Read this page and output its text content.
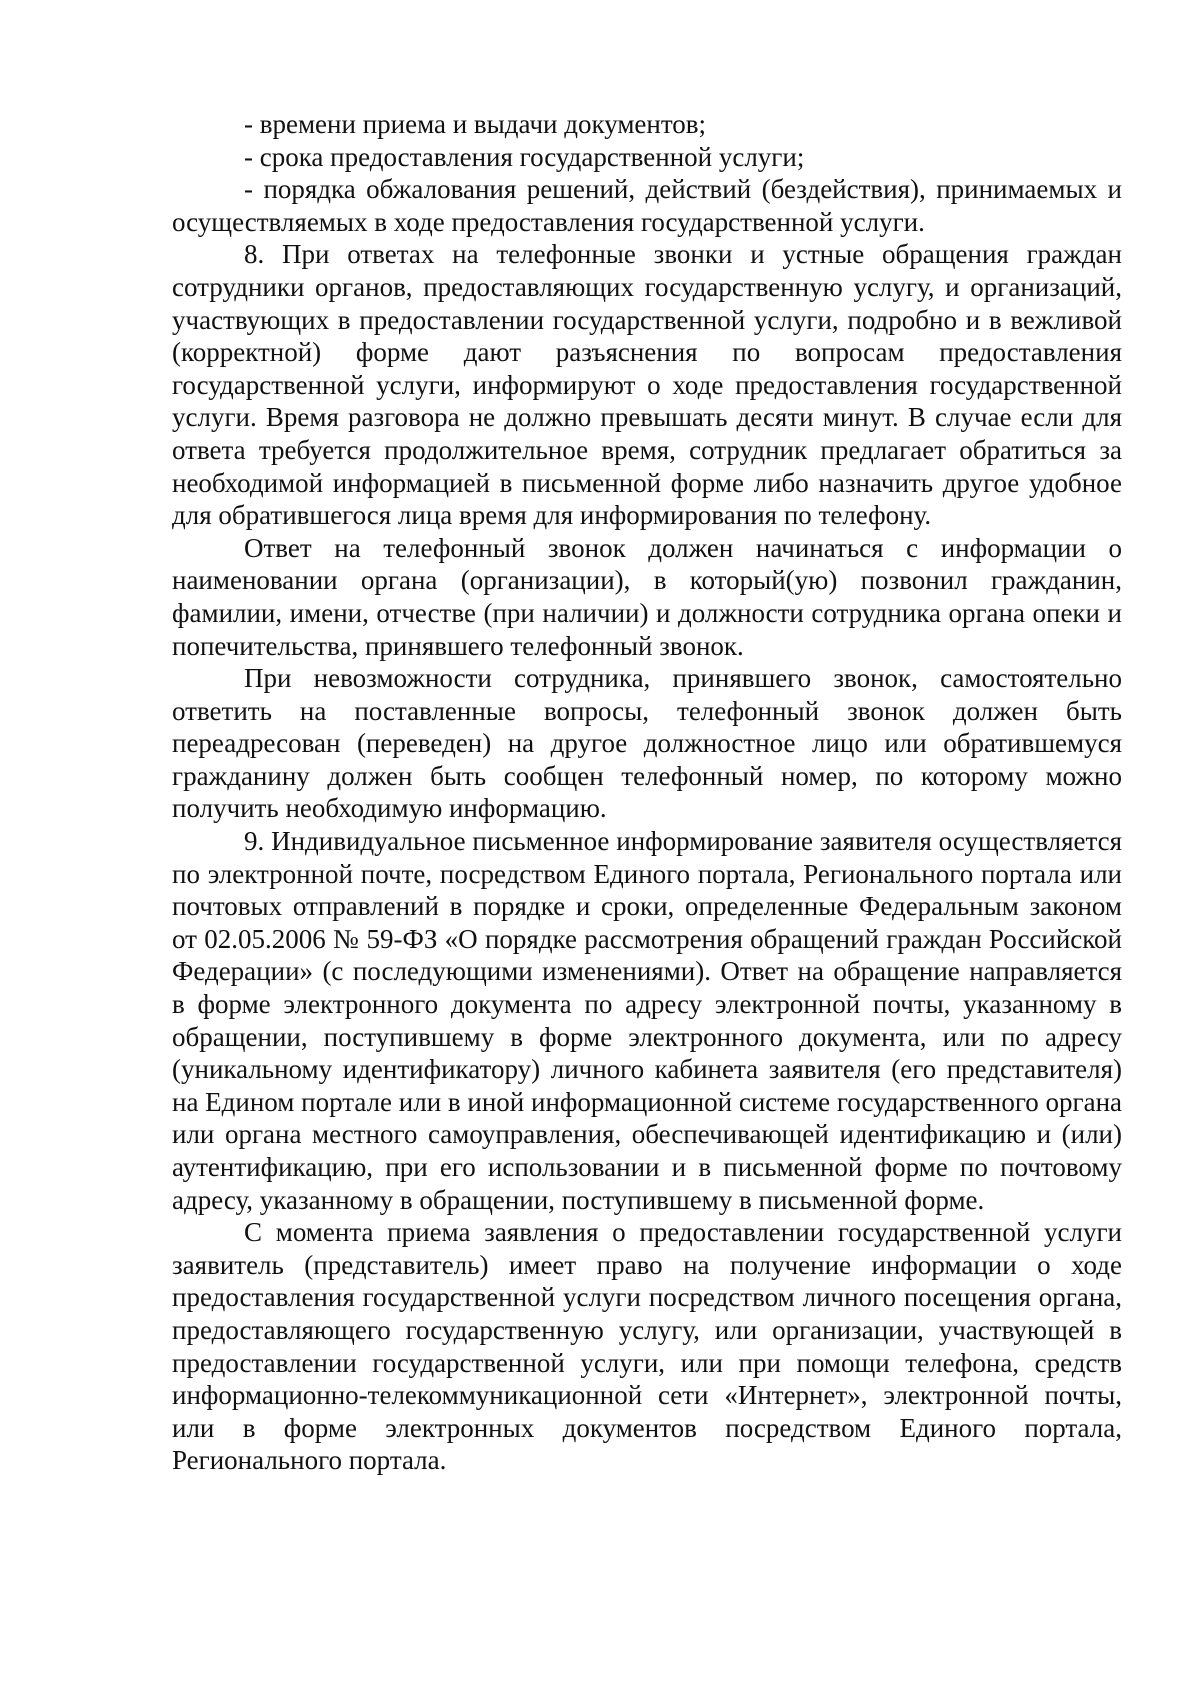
- времени приема и выдачи документов;

- срока предоставления государственной услуги;

- порядка обжалования решений, действий (бездействия), принимаемых и осуществляемых в ходе предоставления государственной услуги.

8. При ответах на телефонные звонки и устные обращения граждан сотрудники органов, предоставляющих государственную услугу, и организаций, участвующих в предоставлении государственной услуги, подробно и в вежливой (корректной) форме дают разъяснения по вопросам предоставления государственной услуги, информируют о ходе предоставления государственной услуги. Время разговора не должно превышать десяти минут. В случае если для ответа требуется продолжительное время, сотрудник предлагает обратиться за необходимой информацией в письменной форме либо назначить другое удобное для обратившегося лица время для информирования по телефону.

Ответ на телефонный звонок должен начинаться с информации о наименовании органа (организации), в который(ую) позвонил гражданин, фамилии, имени, отчестве (при наличии) и должности сотрудника органа опеки и попечительства, принявшего телефонный звонок.

При невозможности сотрудника, принявшего звонок, самостоятельно ответить на поставленные вопросы, телефонный звонок должен быть переадресован (переведен) на другое должностное лицо или обратившемуся гражданину должен быть сообщен телефонный номер, по которому можно получить необходимую информацию.

9. Индивидуальное письменное информирование заявителя осуществляется по электронной почте, посредством Единого портала, Регионального портала или почтовых отправлений в порядке и сроки, определенные Федеральным законом от 02.05.2006 № 59-ФЗ «О порядке рассмотрения обращений граждан Российской Федерации» (с последующими изменениями). Ответ на обращение направляется в форме электронного документа по адресу электронной почты, указанному в обращении, поступившему в форме электронного документа, или по адресу (уникальному идентификатору) личного кабинета заявителя (его представителя) на Едином портале или в иной информационной системе государственного органа или органа местного самоуправления, обеспечивающей идентификацию и (или) аутентификацию, при его использовании и в письменной форме по почтовому адресу, указанному в обращении, поступившему в письменной форме.

С момента приема заявления о предоставлении государственной услуги заявитель (представитель) имеет право на получение информации о ходе предоставления государственной услуги посредством личного посещения органа, предоставляющего государственную услугу, или организации, участвующей в предоставлении государственной услуги, или при помощи телефона, средств информационно-телекоммуникационной сети «Интернет», электронной почты, или в форме электронных документов посредством Единого портала, Регионального портала.
